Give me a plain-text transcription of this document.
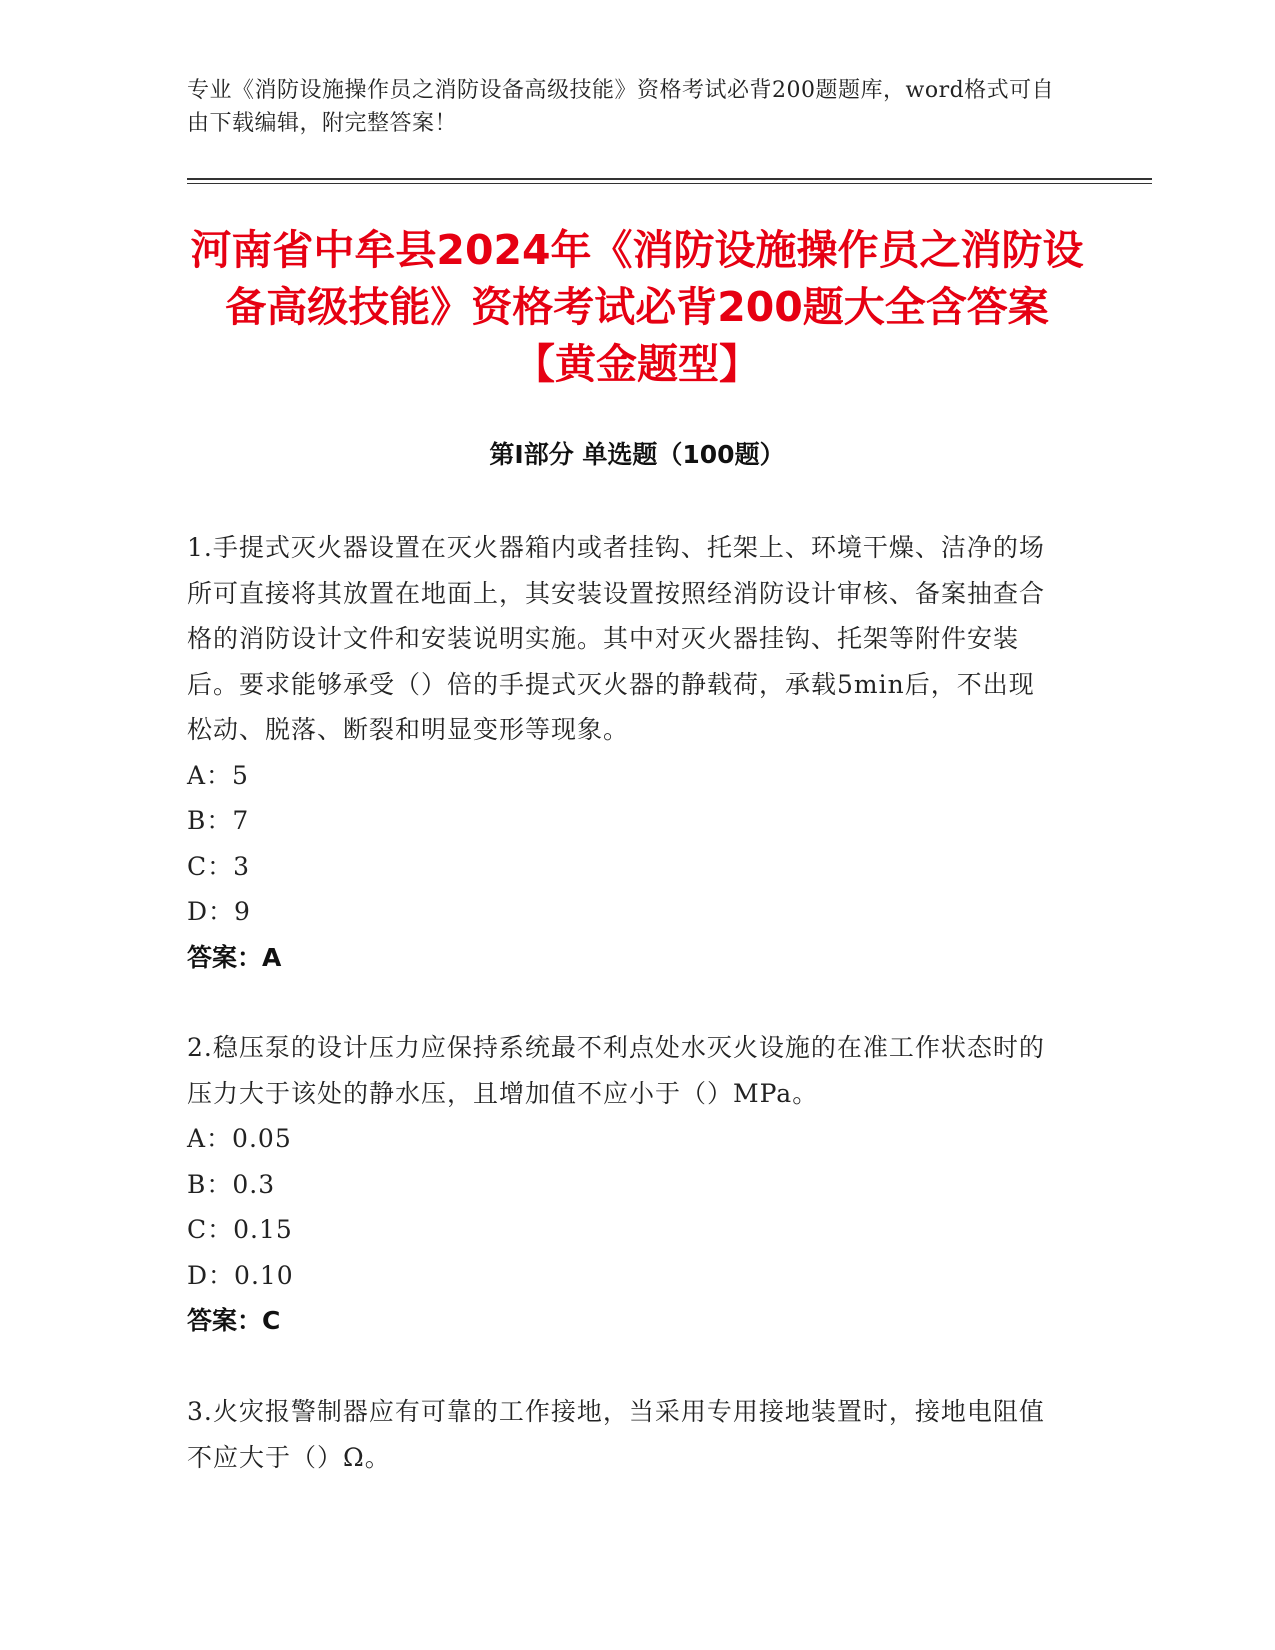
专业《消防设施操作员之消防设备高级技能》资格考试必背200题题库，word格式可自由下载编辑，附完整答案！
河南省中牟县2024年《消防设施操作员之消防设备高级技能》资格考试必背200题大全含答案【黄金题型】
第Ⅰ部分 单选题（100题）
1.手提式灭火器设置在灭火器箱内或者挂钩、托架上、环境干燥、洁净的场所可直接将其放置在地面上，其安装设置按照经消防设计审核、备案抽查合格的消防设计文件和安装说明实施。其中对灭火器挂钩、托架等附件安装后。要求能够承受（）倍的手提式灭火器的静载荷，承载5min后，不出现松动、脱落、断裂和明显变形等现象。
A：5
B：7
C：3
D：9
答案：A
2.稳压泵的设计压力应保持系统最不利点处水灭火设施的在准工作状态时的压力大于该处的静水压，且增加值不应小于（）MPa。
A：0.05
B：0.3
C：0.15
D：0.10
答案：C
3.火灾报警制器应有可靠的工作接地，当采用专用接地装置时，接地电阻值不应大于（）Ω。
